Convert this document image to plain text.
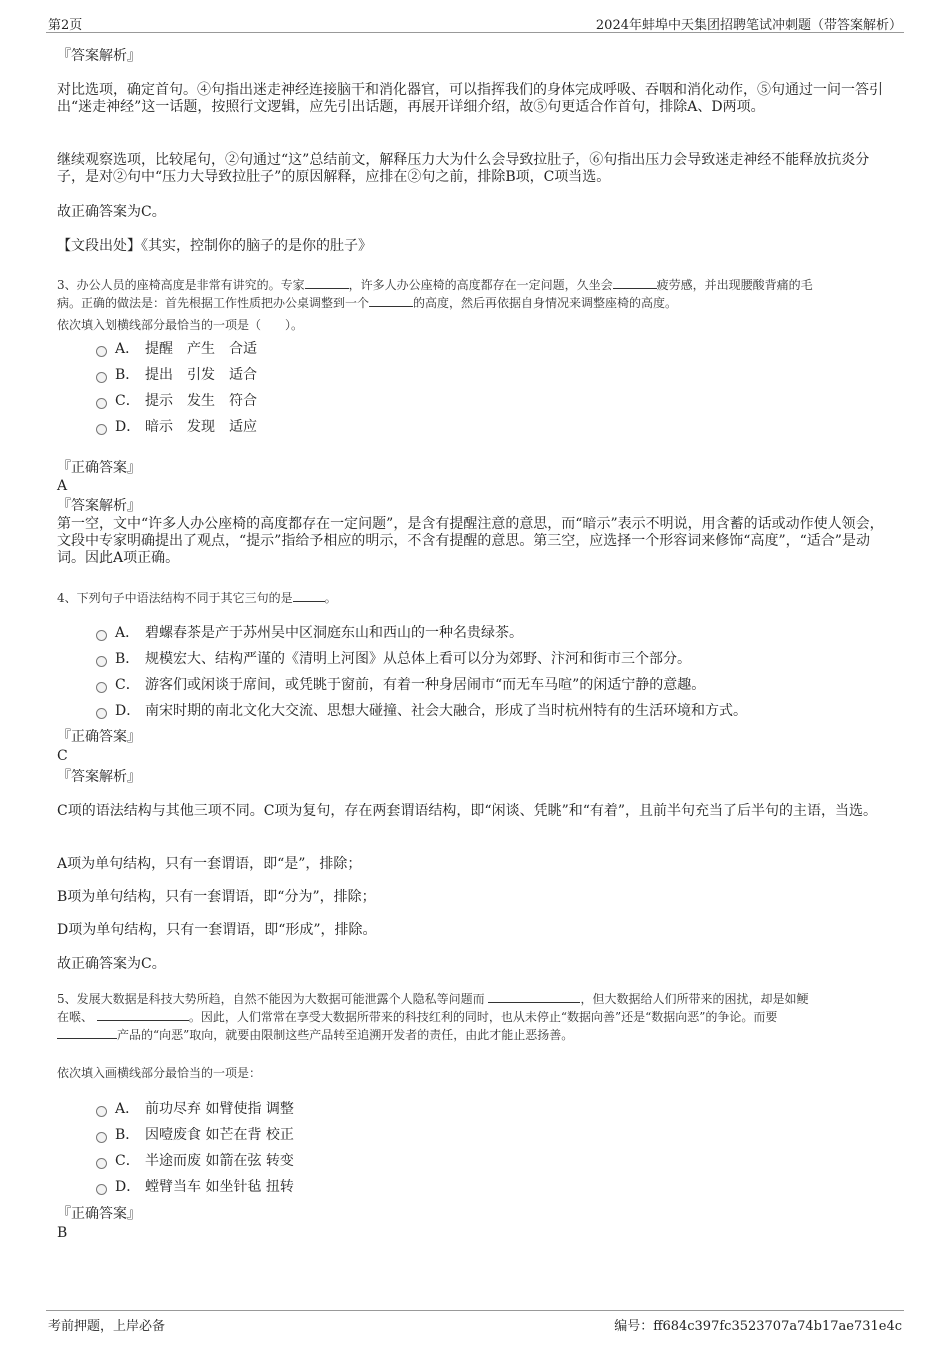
第2页	2024年蚌埠中天集团招聘笔试冲刺题（带答案解析）
『答案解析』
对比选项，确定首句。④句指出迷走神经连接脑干和消化器官，可以指挥我们的身体完成呼吸、吞咽和消化动作，⑤句通过一问一答引出“迷走神经”这一话题，按照行文逻辑，应先引出话题，再展开详细介绍，故⑤句更适合作首句，排除A、D两项。
继续观察选项，比较尾句，②句通过“这”总结前文，解释压力大为什么会导致拉肚子，⑥句指出压力会导致迷走神经不能释放抗炎分子，是对②句中“压力大导致拉肚子”的原因解释，应排在②句之前，排除B项，C项当选。
故正确答案为C。
【文段出处】《其实，控制你的脑子的是你的肚子》
3、办公人员的座椅高度是非常有讲究的。专家	，许多人办公座椅的高度都存在一定问题，久坐会	疲劳感，并出现腰酸背痛的毛
病。正确的做法是：首先根据工作性质把办公桌调整到一个	的高度，然后再依据自身情况来调整座椅的高度。
依次填入划横线部分最恰当的一项是（　　）。
A． 提醒　产生　合适
B． 提出　引发　适合
C． 提示　发生　符合
D． 暗示　发现　适应
『正确答案』
A
『答案解析』
第一空，文中“许多人办公座椅的高度都存在一定问题”，是含有提醒注意的意思，而“暗示”表示不明说，用含蓄的话或动作使人领会，文段中专家明确提出了观点，“提示”指给予相应的明示，不含有提醒的意思。第三空，应选择一个形容词来修饰“高度”，“适合”是动词。因此A项正确。
4、下列句子中语法结构不同于其它三句的是	。
A． 碧螺春茶是产于苏州吴中区洞庭东山和西山的一种名贵绿茶。
B． 规模宏大、结构严谨的《清明上河图》从总体上看可以分为郊野、汴河和街市三个部分。
C． 游客们或闲谈于席间，或凭眺于窗前，有着一种身居闹市“而无车马喧”的闲适宁静的意趣。
D． 南宋时期的南北文化大交流、思想大碰撞、社会大融合，形成了当时杭州特有的生活环境和方式。
『正确答案』
C
『答案解析』
C项的语法结构与其他三项不同。C项为复句，存在两套谓语结构，即“闲谈、凭眺”和“有着”，且前半句充当了后半句的主语，当选。
A项为单句结构，只有一套谓语，即“是”，排除；
B项为单句结构，只有一套谓语，即“分为”，排除；
D项为单句结构，只有一套谓语，即“形成”，排除。
故正确答案为C。
5、发展大数据是科技大势所趋，自然不能因为大数据可能泄露个人隐私等问题而	，但大数据给人们所带来的困扰，却是如鲠
在喉、	。因此，人们常常在享受大数据所带来的科技红利的同时，也从未停止“数据向善”还是“数据向恶”的争论。而要
产品的“向恶”取向，就要由限制这些产品转至追溯开发者的责任，由此才能止恶扬善。
依次填入画横线部分最恰当的一项是：
A． 前功尽弃 如臂使指 调整
B． 因噎废食 如芒在背 校正
C． 半途而废 如箭在弦 转变
D． 螳臂当车 如坐针毡 扭转
『正确答案』
B
考前押题，上岸必备	编号：ff684c397fc3523707a74b17ae731e4c
